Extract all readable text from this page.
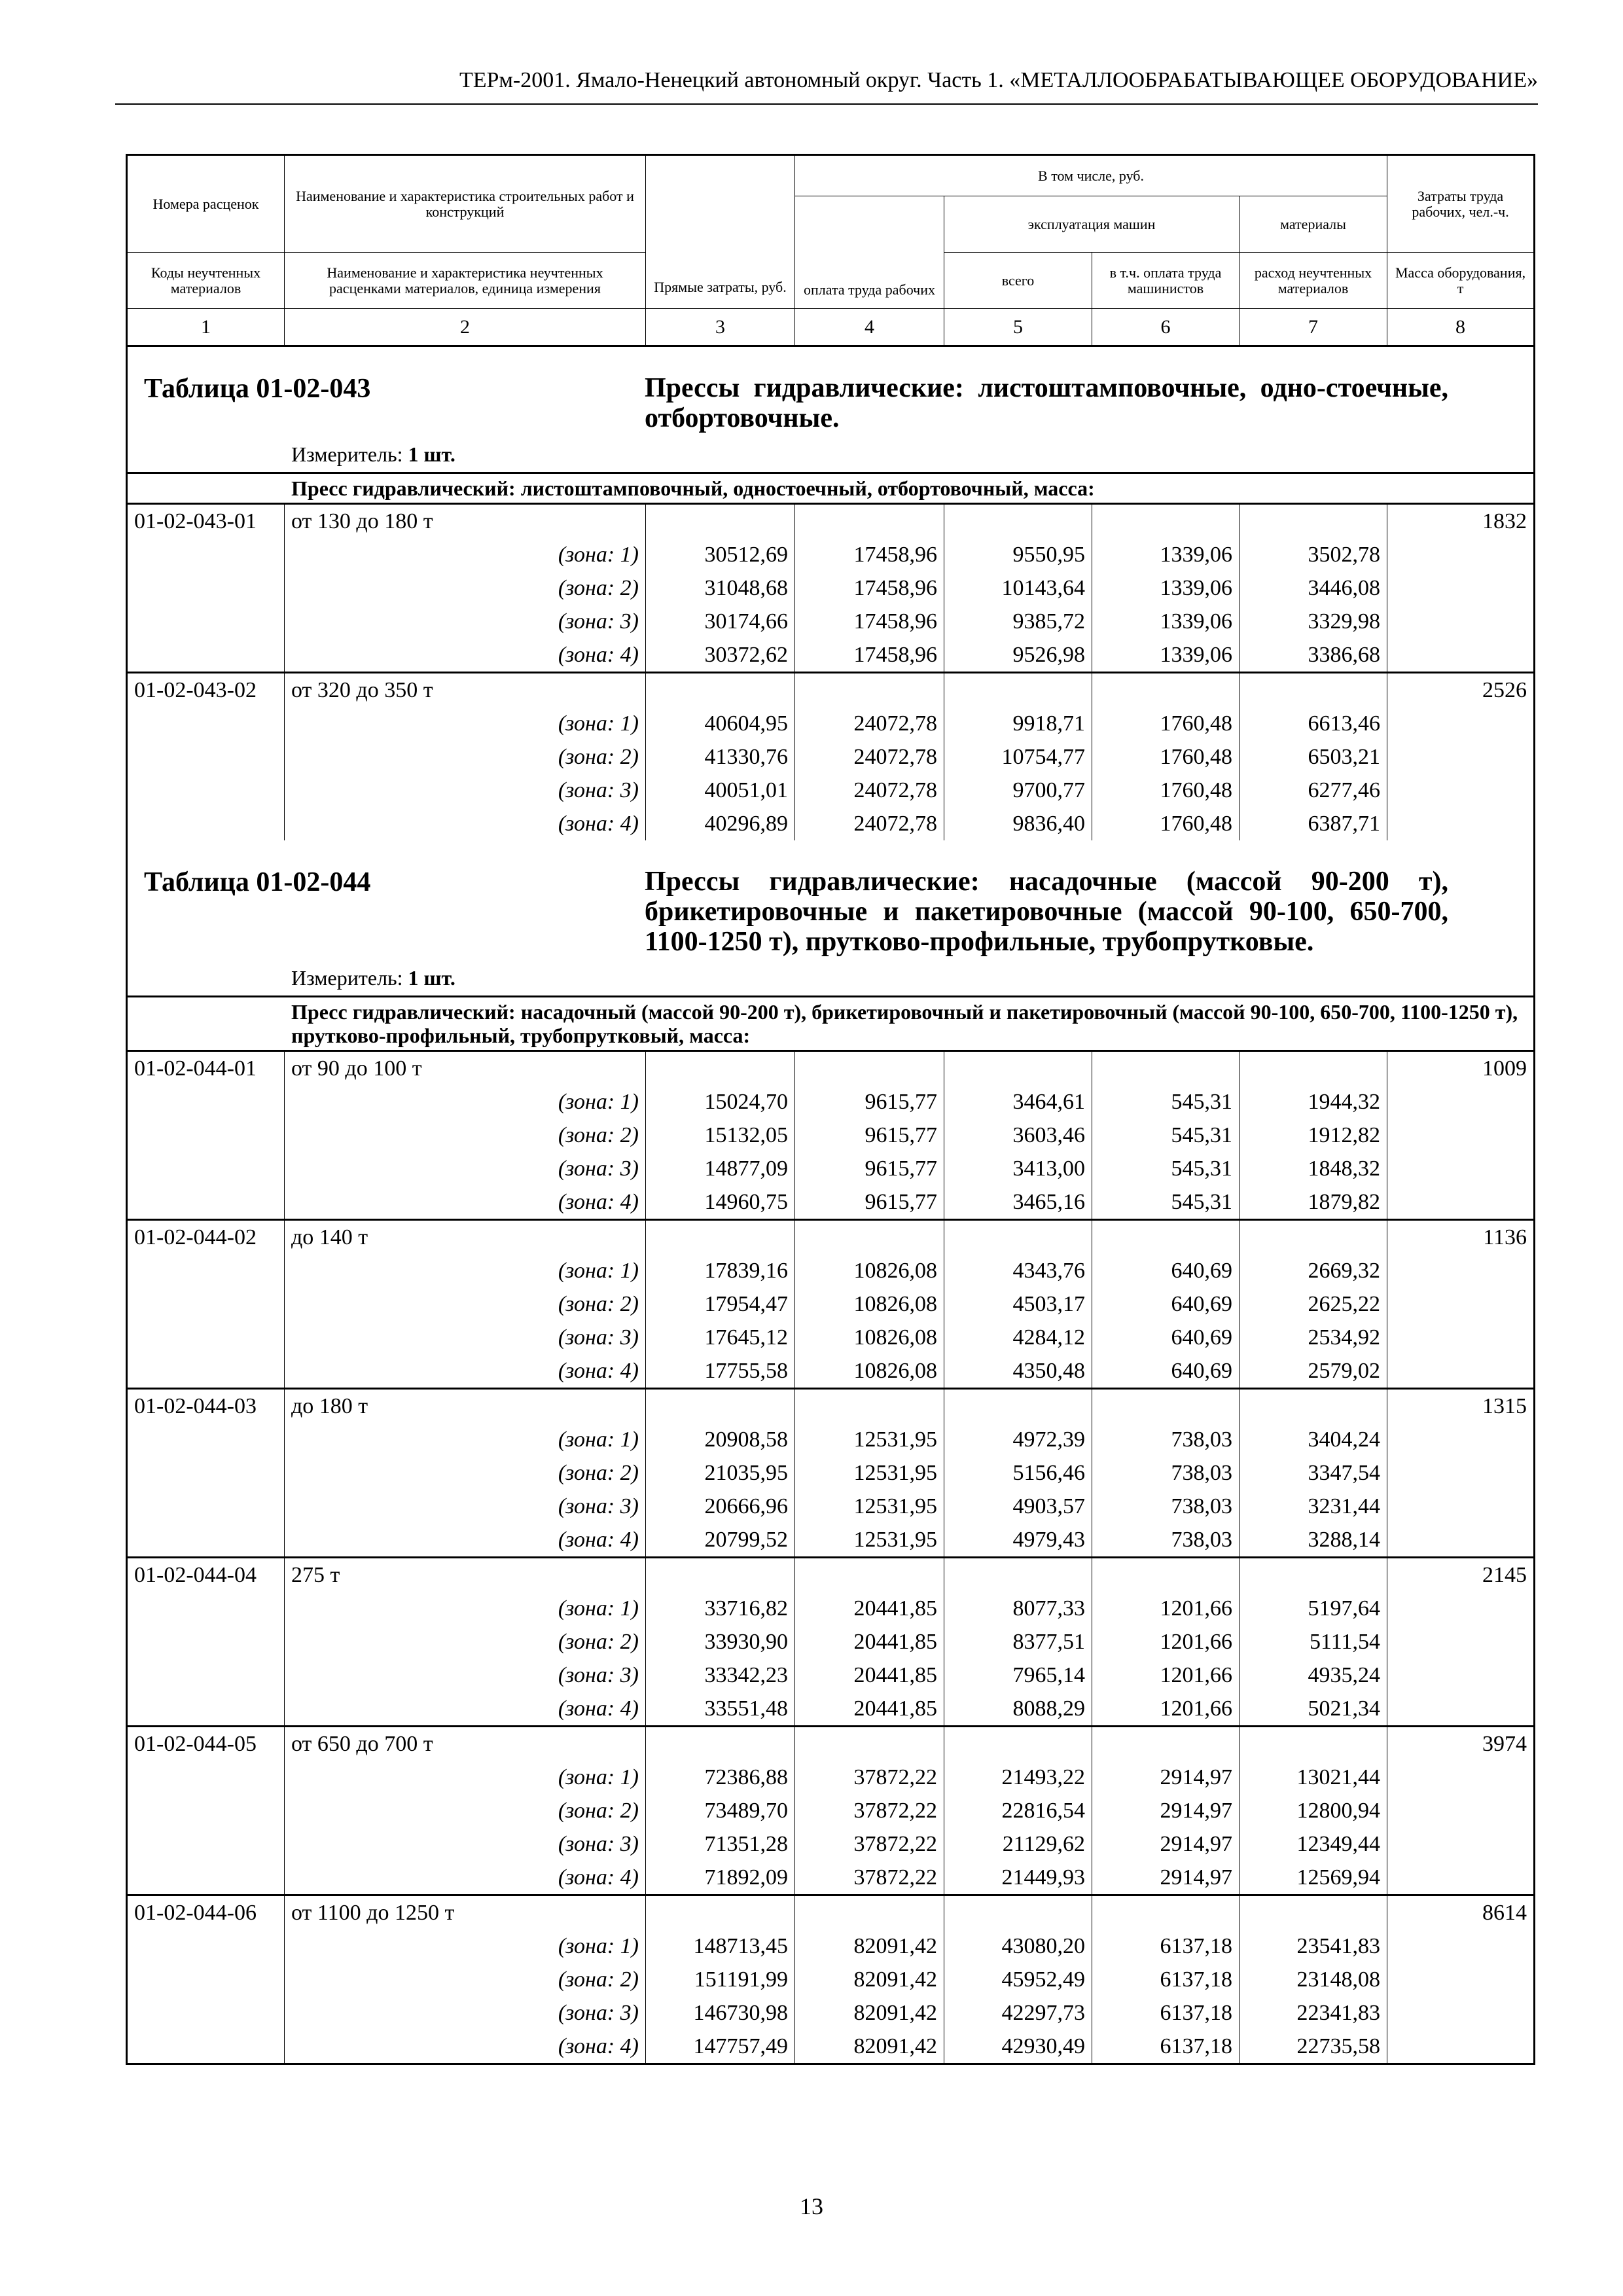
ТЕРм-2001. Ямало-Ненецкий автономный округ. Часть 1. «МЕТАЛЛООБРАБАТЫВАЮЩЕЕ ОБОРУДОВАНИЕ»
Номера расценок	Наименование и характеристика строительных работ и конструкций	Прямые затраты, руб.	В том числе, руб.				Затраты труда рабочих, чел.-ч.
			оплата труда рабочих	эксплуатация машин		материалы	
Коды неучтенных материалов	Наименование и характеристика неучтенных расценками материалов, единица измерения			всего	в т.ч. оплата труда машинистов	расход неучтенных материалов	Масса оборудования, т
1	2	3	4	5	6	7	8

Таблица 01-02-043 Прессы гидравлические: листоштамповочные, одно-стоечные, отбортовочные.
Измеритель: 1 шт.							

Пресс гидравлический: листоштамповочный, одностоечный, отбортовочный, масса:							
01-02-043-01	от 130 до 180 т						1832
	(зона: 1)	30512,69	17458,96	9550,95	1339,06	3502,78	
	(зона: 2)	31048,68	17458,96	10143,64	1339,06	3446,08	
	(зона: 3)	30174,66	17458,96	9385,72	1339,06	3329,98	
	(зона: 4)	30372,62	17458,96	9526,98	1339,06	3386,68	
01-02-043-02	от 320 до 350 т						2526
	(зона: 1)	40604,95	24072,78	9918,71	1760,48	6613,46	
	(зона: 2)	41330,76	24072,78	10754,77	1760,48	6503,21	
	(зона: 3)	40051,01	24072,78	9700,77	1760,48	6277,46	
	(зона: 4)	40296,89	24072,78	9836,40	1760,48	6387,71	

Таблица 01-02-044 Прессы гидравлические: насадочные (массой 90-200 т), брикетировочные и пакетировочные (массой 90-100, 650-700, 1100-1250 т), прутково-профильные, трубопрутковые.
Измеритель: 1 шт.							

Пресс гидравлический: насадочный (массой 90-200 т), брикетировочный и пакетировочный (массой 90-100, 650-700, 1100-1250 т), прутково-профильный, трубопрутковый, масса:							
01-02-044-01	от 90 до 100 т						1009
	(зона: 1)	15024,70	9615,77	3464,61	545,31	1944,32	
	(зона: 2)	15132,05	9615,77	3603,46	545,31	1912,82	
	(зона: 3)	14877,09	9615,77	3413,00	545,31	1848,32	
	(зона: 4)	14960,75	9615,77	3465,16	545,31	1879,82	
01-02-044-02	до 140 т						1136
	(зона: 1)	17839,16	10826,08	4343,76	640,69	2669,32	
	(зона: 2)	17954,47	10826,08	4503,17	640,69	2625,22	
	(зона: 3)	17645,12	10826,08	4284,12	640,69	2534,92	
	(зона: 4)	17755,58	10826,08	4350,48	640,69	2579,02	
01-02-044-03	до 180 т						1315
	(зона: 1)	20908,58	12531,95	4972,39	738,03	3404,24	
	(зона: 2)	21035,95	12531,95	5156,46	738,03	3347,54	
	(зона: 3)	20666,96	12531,95	4903,57	738,03	3231,44	
	(зона: 4)	20799,52	12531,95	4979,43	738,03	3288,14	
01-02-044-04	275 т						2145
	(зона: 1)	33716,82	20441,85	8077,33	1201,66	5197,64	
	(зона: 2)	33930,90	20441,85	8377,51	1201,66	5111,54	
	(зона: 3)	33342,23	20441,85	7965,14	1201,66	4935,24	
	(зона: 4)	33551,48	20441,85	8088,29	1201,66	5021,34	
01-02-044-05	от 650 до 700 т						3974
	(зона: 1)	72386,88	37872,22	21493,22	2914,97	13021,44	
	(зона: 2)	73489,70	37872,22	22816,54	2914,97	12800,94	
	(зона: 3)	71351,28	37872,22	21129,62	2914,97	12349,44	
	(зона: 4)	71892,09	37872,22	21449,93	2914,97	12569,94	
01-02-044-06	от 1100 до 1250 т						8614
	(зона: 1)	148713,45	82091,42	43080,20	6137,18	23541,83	
	(зона: 2)	151191,99	82091,42	45952,49	6137,18	23148,08	
	(зона: 3)	146730,98	82091,42	42297,73	6137,18	22341,83	
	(зона: 4)	147757,49	82091,42	42930,49	6137,18	22735,58	
13
